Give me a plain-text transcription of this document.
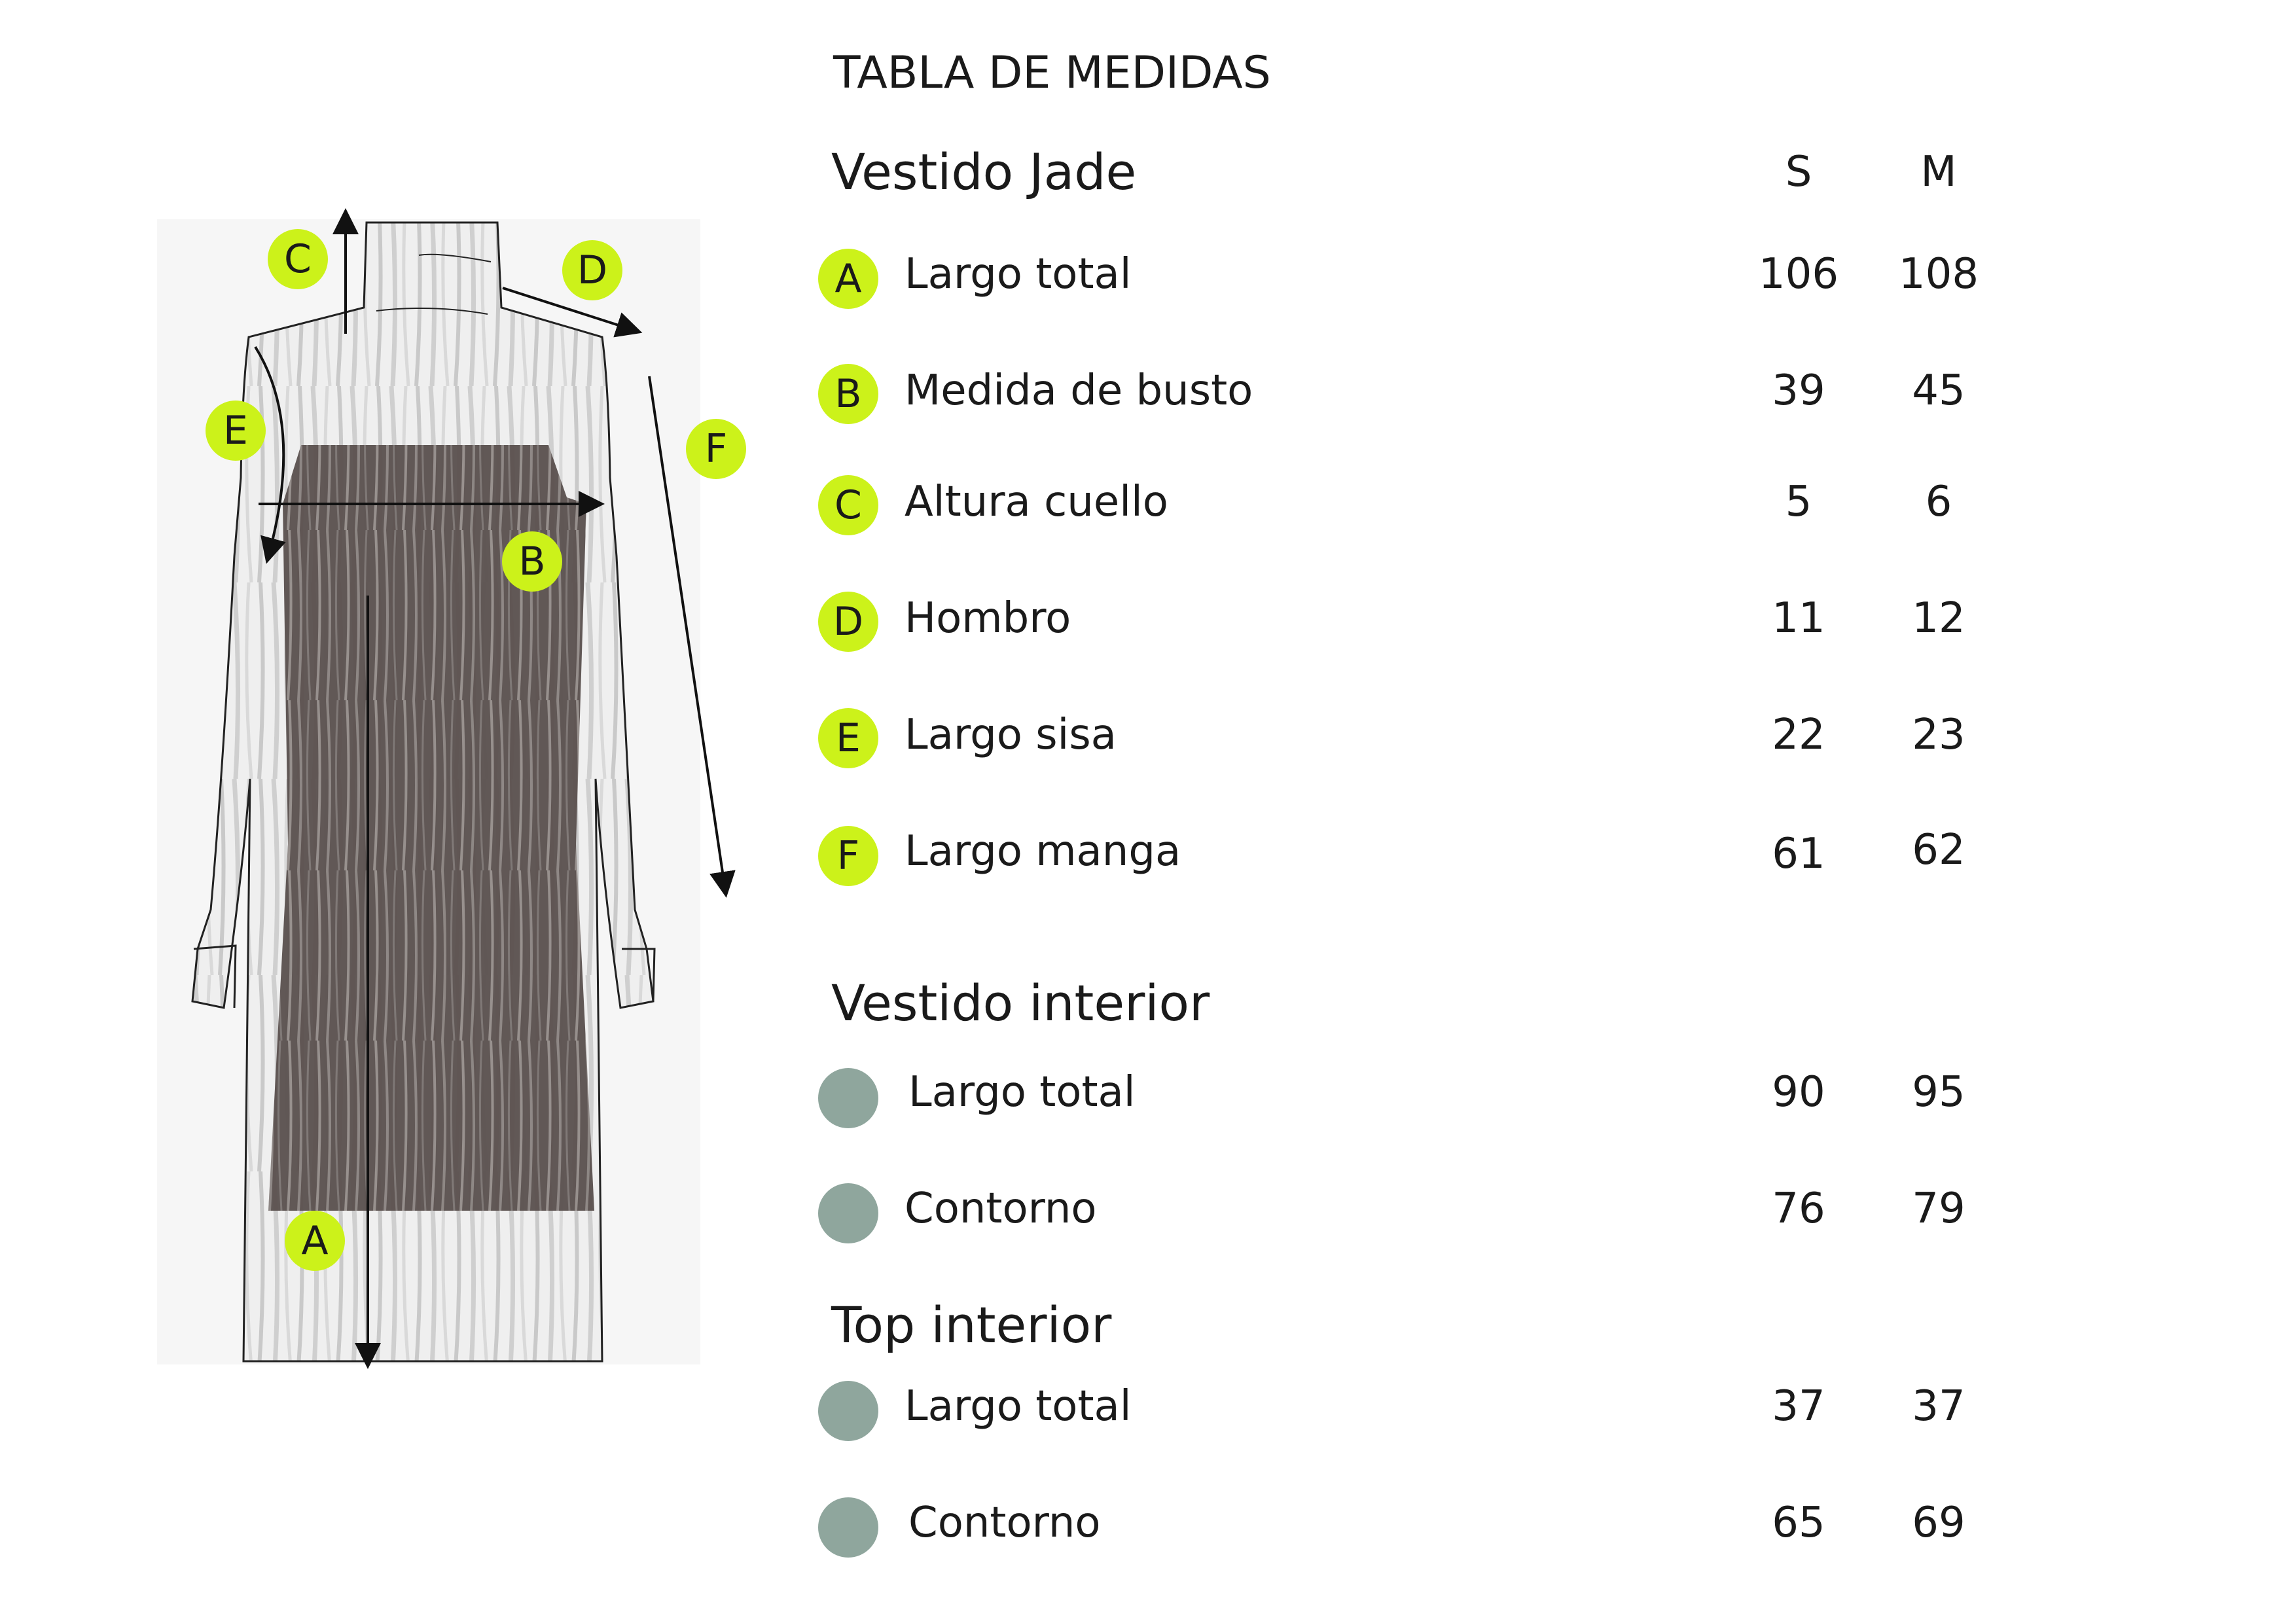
A
B
C	D
E	F
TABLA DE MEDIDAS
S	M
Vestido Jade
A Largo total	106	108
B Medida de busto	39	45
C Altura cuello	5	6
D Hombro	11	12
E Largo sisa	22	23
F Largo manga	61	62
Vestido interior
Largo total	90	95
Contorno	76	79
Top interior
Largo total	37	37
Contorno	65	69
